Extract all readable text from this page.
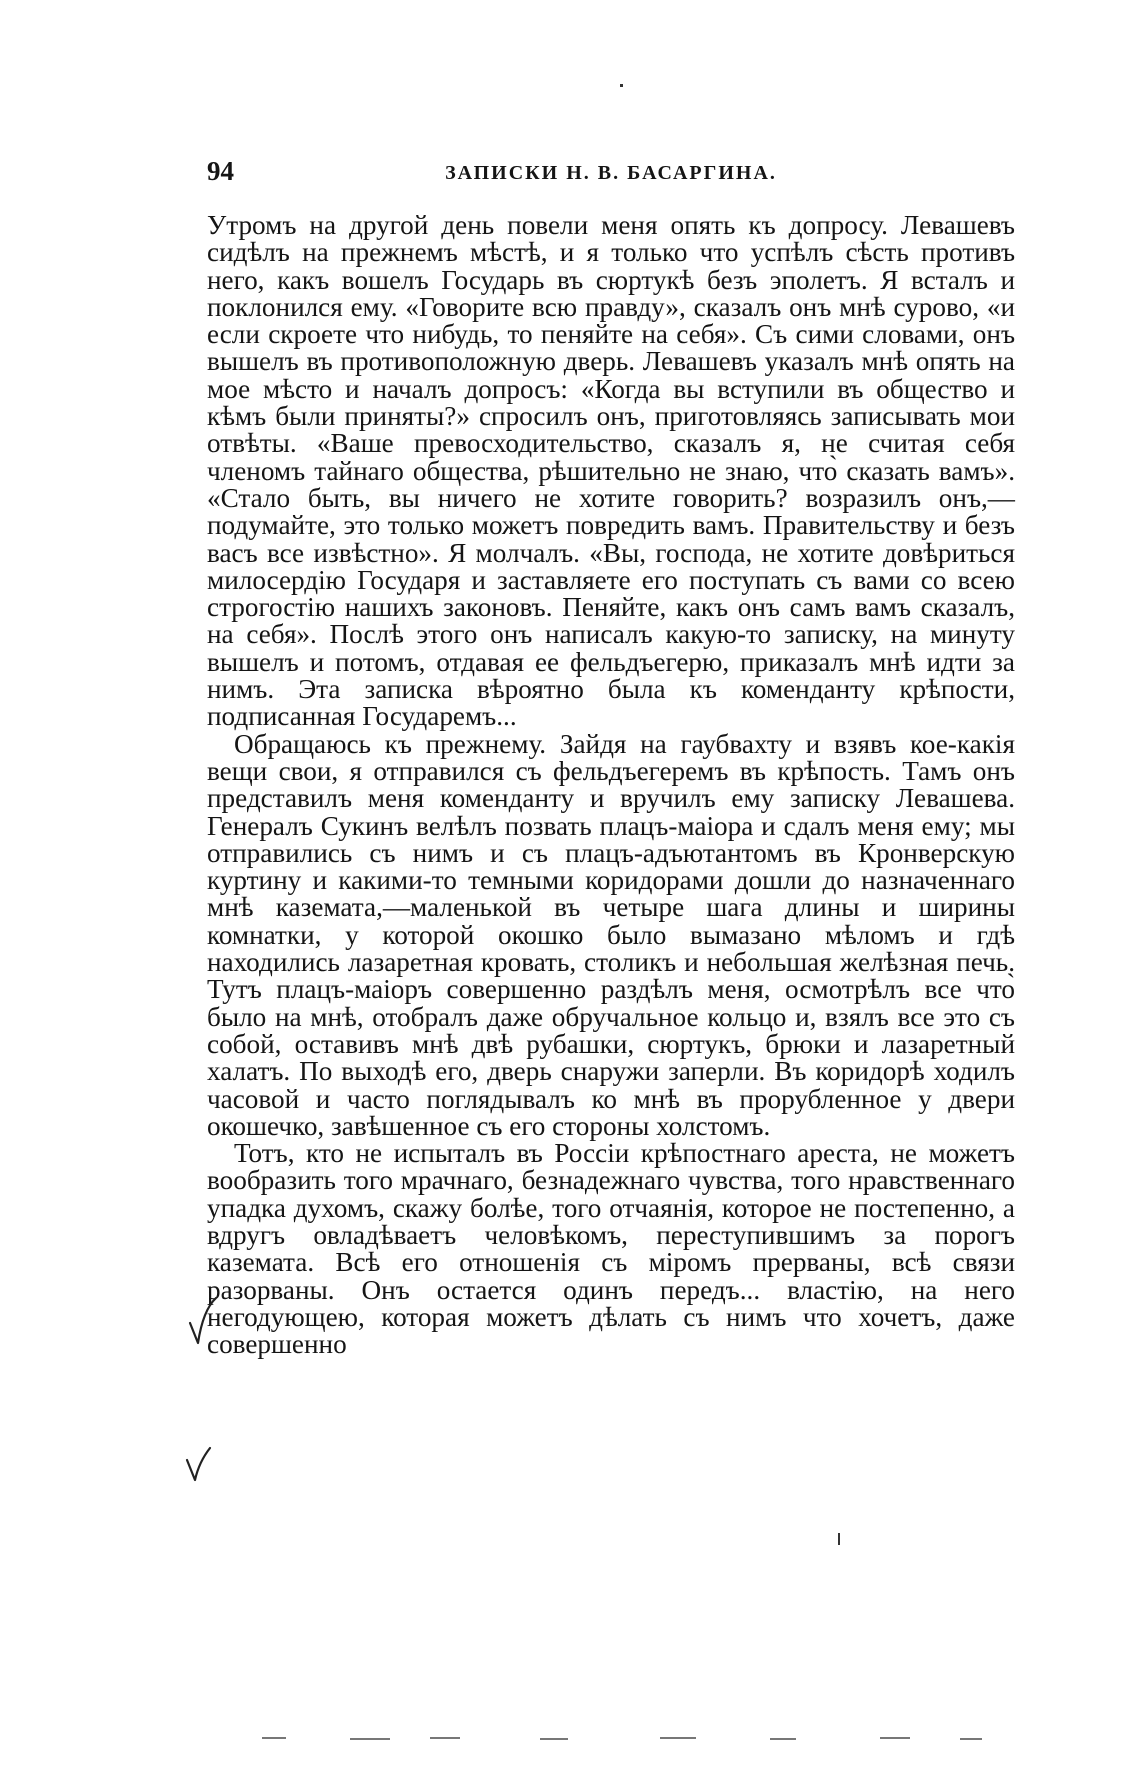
94	ЗАПИСКИ Н. В. БАСАРГИНА.

Утромъ на другой день повели меня опять къ допросу. Левашевъ сидѣлъ на прежнемъ мѣстѣ, и я только что успѣлъ сѣсть противъ него, какъ вошелъ Государь въ сюртукѣ безъ эполетъ. Я всталъ и поклонился ему. «Говорите всю правду», сказалъ онъ мнѣ сурово, «и если скроете что нибудь, то пеняйте на себя». Съ сими словами, онъ вышелъ въ противоположную дверь. Левашевъ указалъ мнѣ опять на мое мѣсто и началъ допросъ: «Когда вы вступили въ общество и кѣмъ были приняты?» спросилъ онъ, приготовляясь записывать мои отвѣты. «Ваше превосходительство, сказалъ я, не считая себя членомъ тайнаго общества, рѣшительно не знаю, что̀ сказать вамъ». «Стало быть, вы ничего не хотите говорить? возразилъ онъ,—подумайте, это только можетъ повредить вамъ. Правительству и безъ васъ все извѣстно». Я молчалъ. «Вы, господа, не хотите довѣриться милосердію Государя и заставляете его поступать съ вами со всею строгостію нашихъ законовъ. Пеняйте, какъ онъ самъ вамъ сказалъ, на себя». Послѣ этого онъ написалъ какую-то записку, на минуту вышелъ и потомъ, отдавая ее фельдъегерю, приказалъ мнѣ идти за нимъ. Эта записка вѣроятно была къ коменданту крѣпости, подписанная Государемъ...

Обращаюсь къ прежнему. Зайдя на гаубвахту и взявъ кое-какія вещи свои, я отправился съ фельдъегеремъ въ крѣпость. Тамъ онъ представилъ меня коменданту и вручилъ ему записку Левашева. Генералъ Сукинъ велѣлъ позвать плацъ-маіора и сдалъ меня ему; мы отправились съ нимъ и съ плацъ-адъютантомъ въ Кронверскую куртину и какими-то темными коридорами дошли до назначеннаго мнѣ каземата,—маленькой въ четыре шага длины и ширины комнатки, у которой окошко было вымазано мѣломъ и гдѣ находились лазаретная кровать, столикъ и небольшая желѣзная печь. Тутъ плацъ-маіоръ совершенно раздѣлъ меня, осмотрѣлъ все что̀ было на мнѣ, отобралъ даже обручальное кольцо и, взялъ все это съ собой, оставивъ мнѣ двѣ рубашки, сюртукъ, брюки и лазаретный халатъ. По выходѣ его, дверь снаружи заперли. Въ коридорѣ ходилъ часовой и часто поглядывалъ ко мнѣ въ прорубленное у двери окошечко, завѣшенное съ его стороны холстомъ.

Тотъ, кто не испыталъ въ Россіи крѣпостнаго ареста, не можетъ вообразить того мрачнаго, безнадежнаго чувства, того нравственнаго упадка духомъ, скажу болѣе, того отчаянія, которое не постепенно, а вдругъ овладѣваетъ человѣкомъ, переступившимъ за порогъ каземата. Всѣ его отношенія съ міромъ прерваны, всѣ связи разорваны. Онъ остается одинъ передъ... властію, на него негодующею, которая можетъ дѣлать съ нимъ что хочетъ, даже совершенно
